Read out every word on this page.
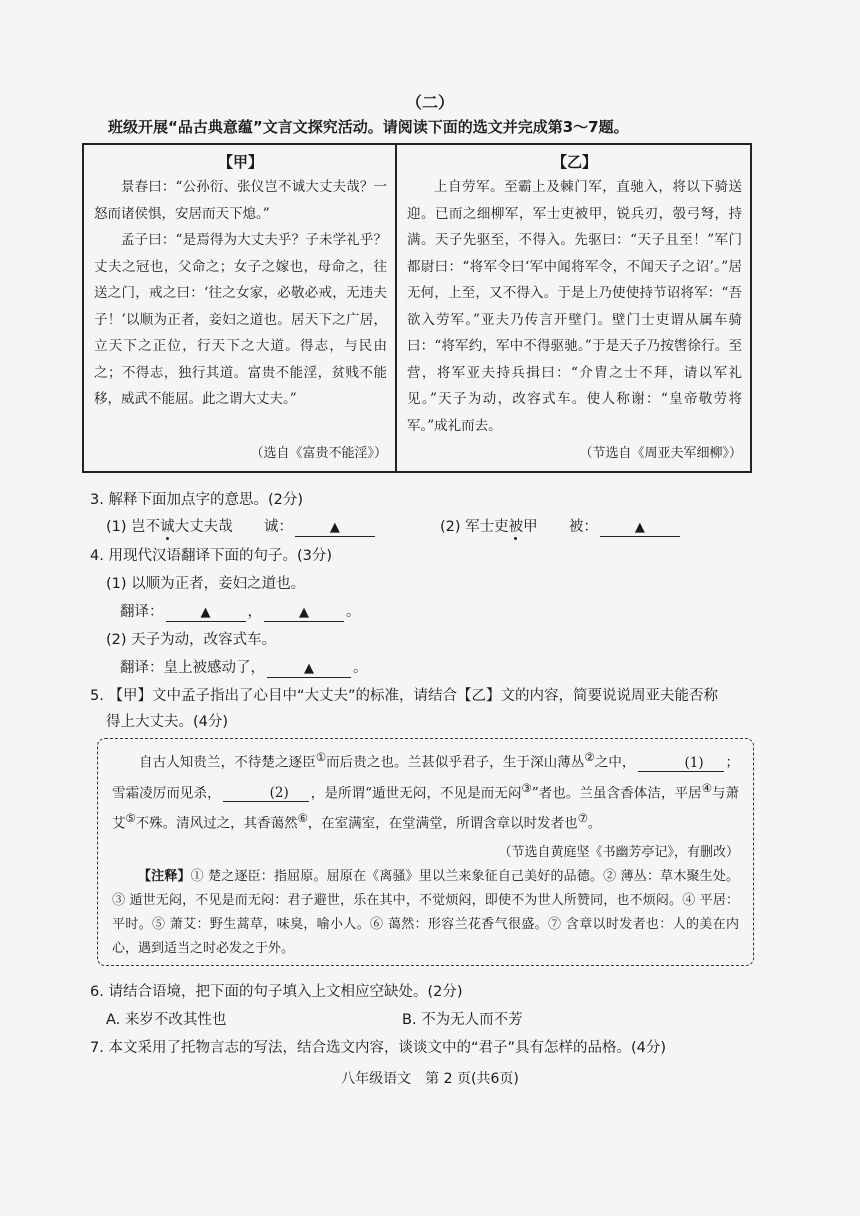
（二）
班级开展“品古典意蕴”文言文探究活动。请阅读下面的选文并完成第3～7题。
【甲】

景春曰：“公孙衍、张仪岂不诚大丈夫哉？一怒而诸侯惧，安居而天下熄。”

孟子曰：“是焉得为大丈夫乎？子未学礼乎？丈夫之冠也，父命之；女子之嫁也，母命之，往送之门，戒之曰：‘往之女家，必敬必戒，无违夫子！’以顺为正者，妾妇之道也。居天下之广居，立天下之正位，行天下之大道。得志，与民由之；不得志，独行其道。富贵不能淫，贫贱不能移，威武不能屈。此之谓大丈夫。”

（选自《富贵不能淫》）
【乙】

上自劳军。至霸上及棘门军，直驰入，将以下骑送迎。已而之细柳军，军士吏被甲，锐兵刃，彀弓弩，持满。天子先驱至，不得入。先驱曰：“天子且至！”军门都尉曰：“将军令曰‘军中闻将军令，不闻天子之诏’。”居无何，上至，又不得入。于是上乃使使持节诏将军：“吾欲入劳军。”亚夫乃传言开壁门。壁门士吏谓从属车骑曰：“将军约，军中不得驱驰。”于是天子乃按辔徐行。至营，将军亚夫持兵揖曰：“介胄之士不拜，请以军礼见。”天子为动，改容式车。使人称谢：“皇帝敬劳将军。”成礼而去。

（节选自《周亚夫军细柳》）
3. 解释下面加点字的意思。(2分)
(1) 岂不诚大丈夫哉 诚：	▲	(2) 军士吏被甲 被：	▲
4. 用现代汉语翻译下面的句子。(3分)
(1) 以顺为正者，妾妇之道也。
翻译：	▲	，	▲	。
(2) 天子为动，改容式车。
翻译：皇上被感动了，	▲	。
5. 【甲】文中孟子指出了心目中“大丈夫”的标准，请结合【乙】文的内容，简要说说周亚夫能否称
得上大丈夫。(4分)

自古人知贵兰，不待楚之逐臣①而后贵之也。兰甚似乎君子，生于深山薄丛②之中，	(1) ；雪霜凌厉而见杀，	(2) ，是所谓“遁世无闷，不见是而无闷③”者也。兰虽含香体洁，平居④与萧艾⑤不殊。清风过之，其香蔼然⑥，在室满室，在堂满堂，所谓含章以时发者也⑦。

（节选自黄庭坚《书幽芳亭记》，有删改）
【注释】① 楚之逐臣：指屈原。屈原在《离骚》里以兰来象征自己美好的品德。② 薄丛：草木聚生处。③ 遁世无闷，不见是而无闷：君子避世，乐在其中，不觉烦闷，即使不为世人所赞同，也不烦闷。④ 平居：平时。⑤ 萧艾：野生蒿草，味臭，喻小人。⑥ 蔼然：形容兰花香气很盛。⑦ 含章以时发者也：人的美在内心，遇到适当之时必发之于外。
6. 请结合语境，把下面的句子填入上文相应空缺处。(2分)
A. 来岁不改其性也	B. 不为无人而不芳
7. 本文采用了托物言志的写法，结合选文内容，谈谈文中的“君子”具有怎样的品格。(4分)
八年级语文　第 2 页(共6页)
